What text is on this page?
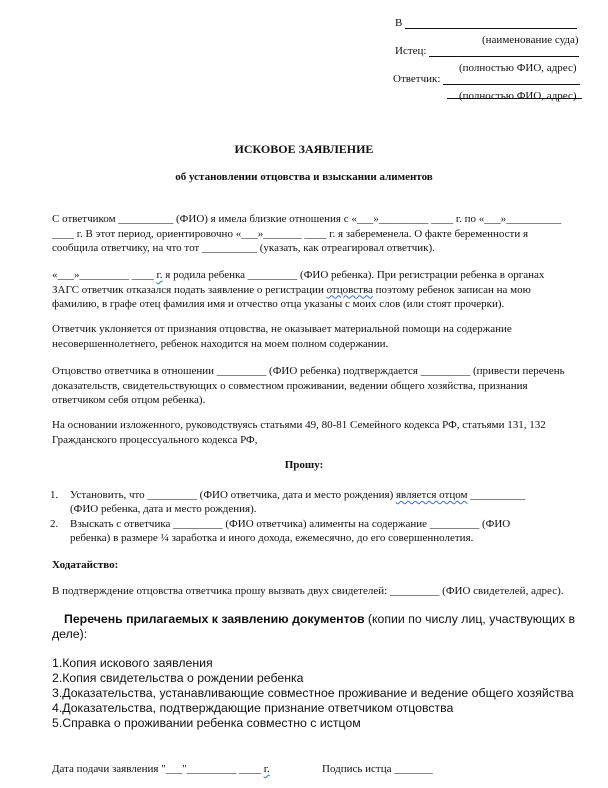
В
(наименование суда)
Истец:
(полностью ФИО, адрес)
Ответчик:
(полностью ФИО, адрес)
ИСКОВОЕ ЗАЯВЛЕНИЕ
об установлении отцовства и взыскании алиментов
С ответчиком __________ (ФИО) я имела близкие отношения с «___»_________ ____ г. по «___»__________
____ г. В этот период, ориентировочно «___»_______ ____ г. я забеременела. О факте беременности я
сообщила ответчику, на что тот __________ (указать, как отреагировал ответчик).
«___»_________ ____ г. я родила ребенка _________ (ФИО ребенка). При регистрации ребенка в органах
ЗАГС ответчик отказался подать заявление о регистрации отцовства поэтому ребенок записан на мою
фамилию, в графе отец фамилия имя и отчество отца указаны с моих слов (или стоят прочерки).
Ответчик уклоняется от признания отцовства, не оказывает материальной помощи на содержание
несовершеннолетнего, ребенок находится на моем полном содержании.
Отцовство ответчика в отношении _________ (ФИО ребенка) подтверждается _________ (привести перечень
доказательств, свидетельствующих о совместном проживании, ведении общего хозяйства, признания
ответчиком себя отцом ребенка).
На основании изложенного, руководствуясь статьями 49, 80-81 Семейного кодекса РФ, статьями 131, 132
Гражданского процессуального кодекса РФ,
Прошу:
1. Установить, что _________ (ФИО ответчика, дата и место рождения) является отцом __________
(ФИО ребенка, дата и место рождения).
2. Взыскать с ответчика _________ (ФИО ответчика) алименты на содержание _________ (ФИО
ребенка) в размере ¼ заработка и иного дохода, ежемесячно, до его совершеннолетия.
Ходатайство:
В подтверждение отцовства ответчика прошу вызвать двух свидетелей: _________ (ФИО свидетелей, адрес).
Перечень прилагаемых к заявлению документов (копии по числу лиц, участвующих в
деле):
1.Копия искового заявления
2.Копия свидетельства о рождении ребенка
3.Доказательства, устанавливающие совместное проживание и ведение общего хозяйства
4.Доказательства, подтверждающие признание ответчиком отцовства
5.Справка о проживании ребенка совместно с истцом
Дата подачи заявления "___"_________ ____ г.	Подпись истца _______
